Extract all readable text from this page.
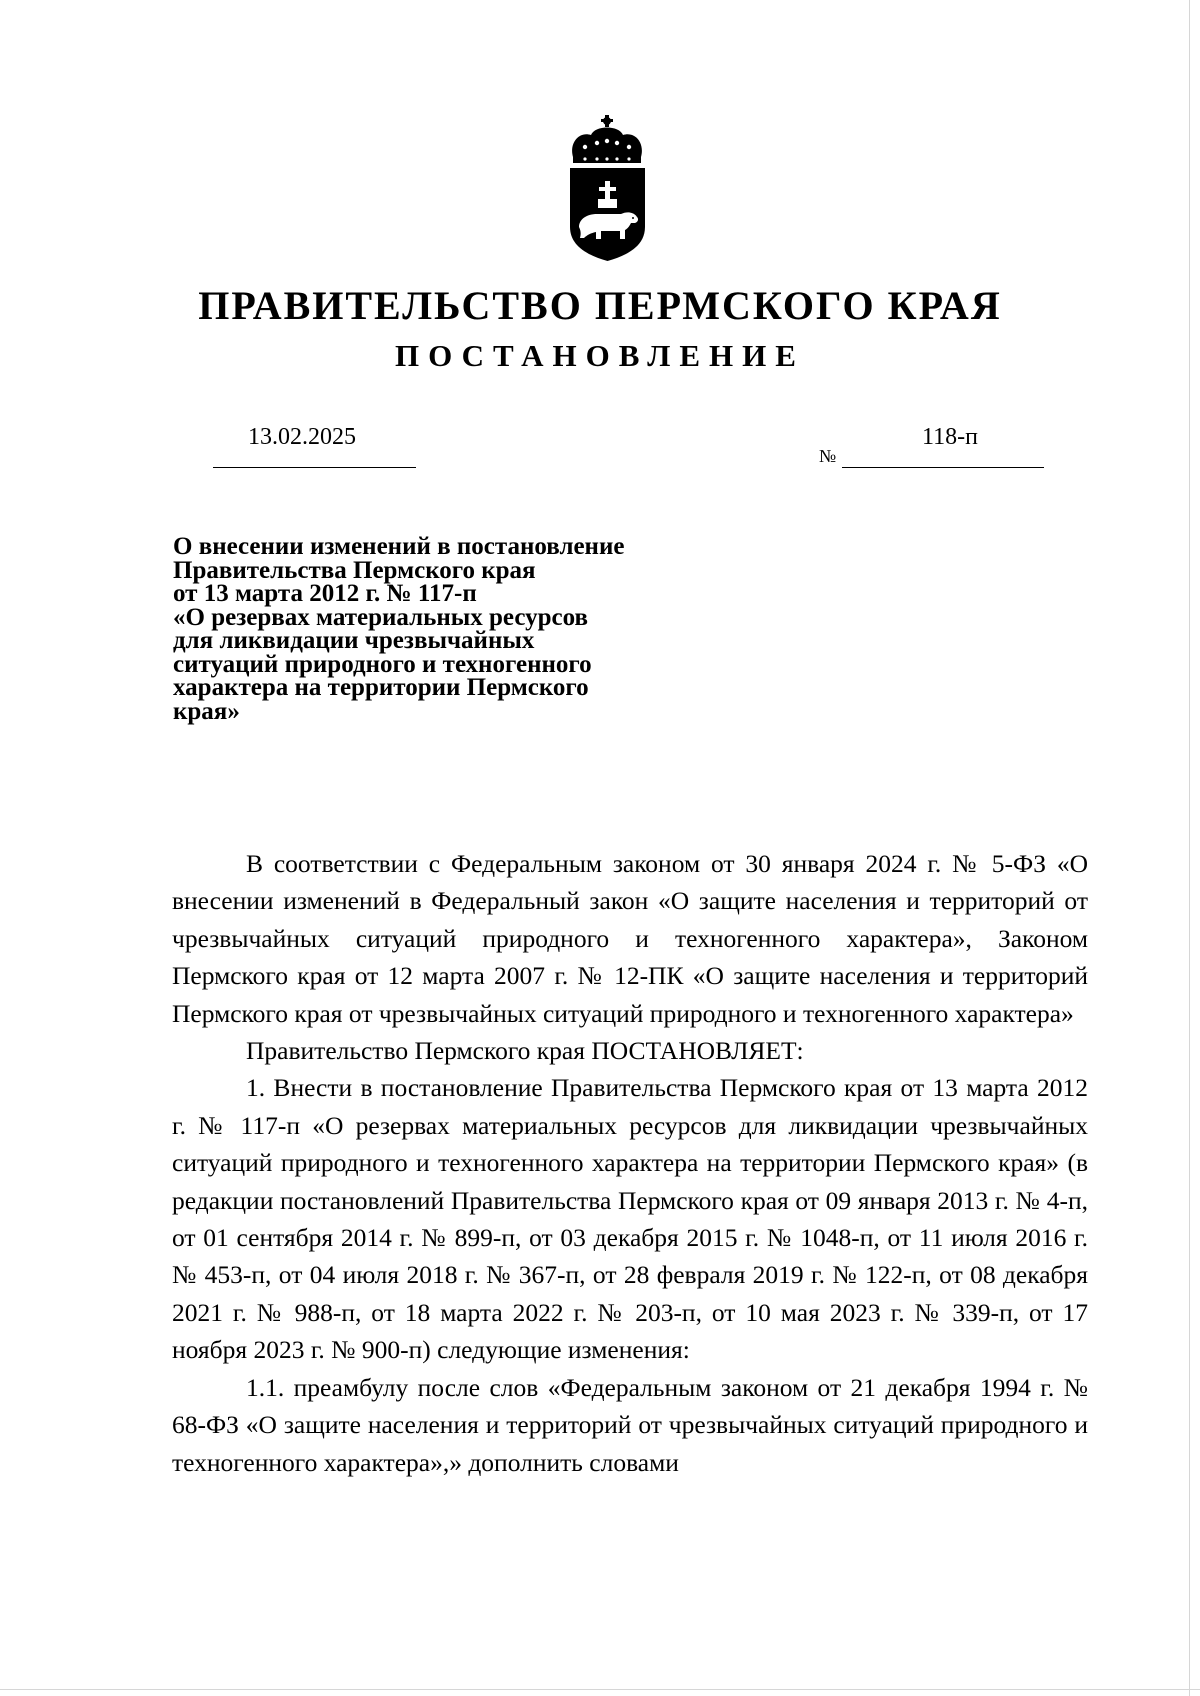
ПРАВИТЕЛЬСТВО ПЕРМСКОГО КРАЯ
ПОСТАНОВЛЕНИЕ
13.02.2025
№
118-п
О внесении изменений в постановление
Правительства Пермского края
от 13 марта 2012 г. № 117-п
«О резервах материальных ресурсов
для ликвидации чрезвычайных
ситуаций природного и техногенного
характера на территории Пермского
края»

В соответствии с Федеральным законом от 30 января 2024 г. № 5-ФЗ «О внесении изменений в Федеральный закон «О защите населения и территорий от чрезвычайных ситуаций природного и техногенного характера», Законом Пермского края от 12 марта 2007 г. № 12-ПК «О защите населения и территорий Пермского края от чрезвычайных ситуаций природного и техногенного характера»

Правительство Пермского края ПОСТАНОВЛЯЕТ:

1. Внести в постановление Правительства Пермского края от 13 марта 2012 г. № 117-п «О резервах материальных ресурсов для ликвидации чрезвычайных ситуаций природного и техногенного характера на территории Пермского края» (в редакции постановлений Правительства Пермского края от 09 января 2013 г. № 4-п, от 01 сентября 2014 г. № 899-п, от 03 декабря 2015 г. № 1048-п, от 11 июля 2016 г. № 453-п, от 04 июля 2018 г. № 367-п, от 28 февраля 2019 г. № 122-п, от 08 декабря 2021 г. № 988-п, от 18 марта 2022 г. № 203-п, от 10 мая 2023 г. № 339-п, от 17 ноября 2023 г. № 900-п) следующие изменения:

1.1. преамбулу после слов «Федеральным законом от 21 декабря 1994 г. № 68-ФЗ «О защите населения и территорий от чрезвычайных ситуаций природного и техногенного характера»,» дополнить словами
